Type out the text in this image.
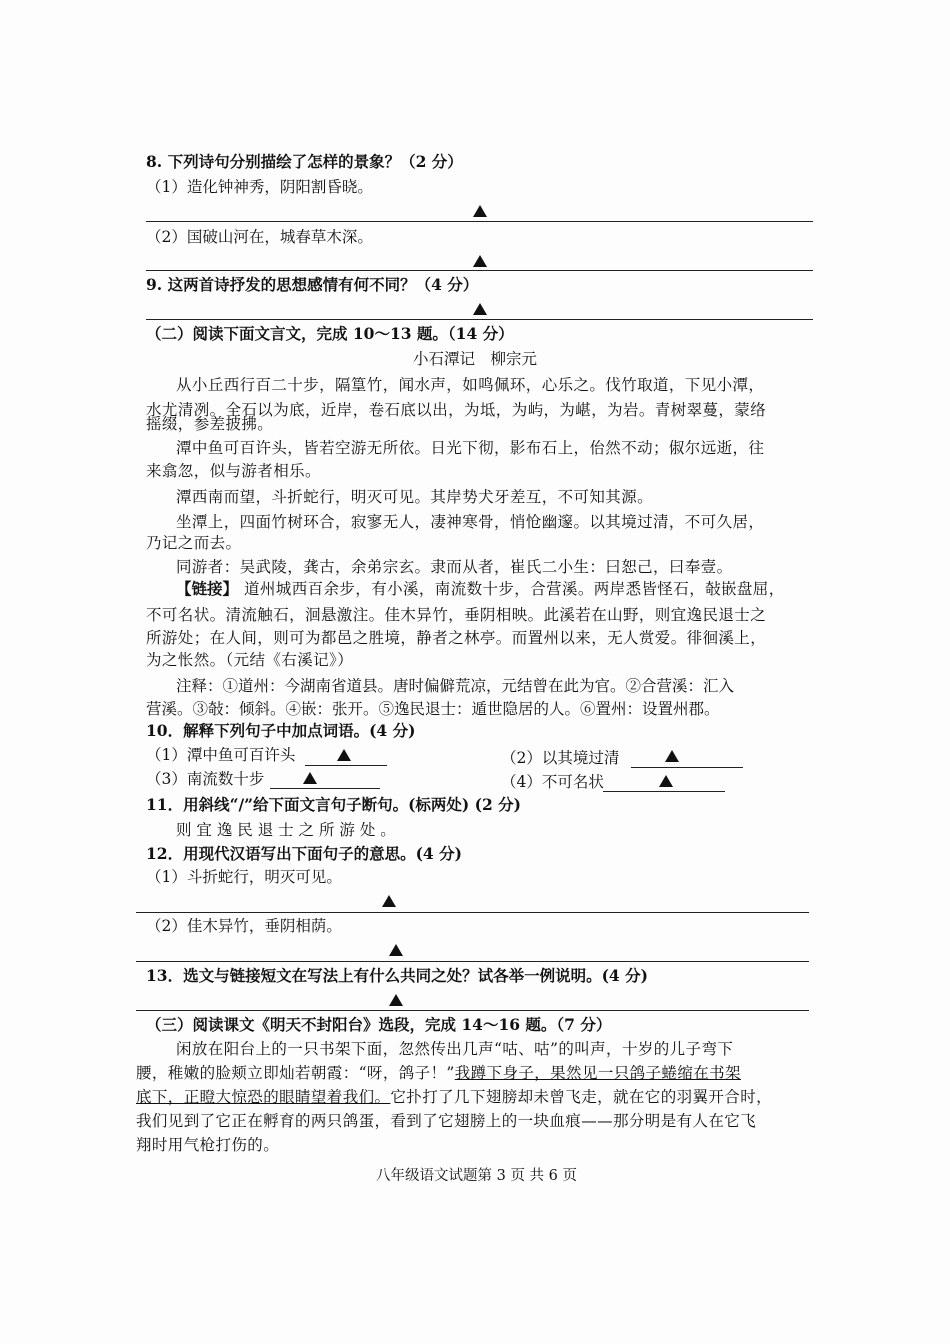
8. 下列诗句分别描绘了怎样的景象？（2 分）
（1）造化钟神秀，阴阳割昏晓。
（2）国破山河在，城春草木深。
9. 这两首诗抒发的思想感情有何不同？（4 分）
（二）阅读下面文言文，完成 10～13 题。（14 分）
小石潭记　柳宗元
从小丘西行百二十步，隔篁竹，闻水声，如鸣佩环，心乐之。伐竹取道，下见小潭，
水尤清冽。全石以为底，近岸，卷石底以出，为坻，为屿，为嵁，为岩。青树翠蔓，蒙络
摇缀，参差披拂。
潭中鱼可百许头，皆若空游无所依。日光下彻，影布石上，佁然不动；俶尔远逝，往
来翕忽，似与游者相乐。
潭西南而望，斗折蛇行，明灭可见。其岸势犬牙差互，不可知其源。
坐潭上，四面竹树环合，寂寥无人，凄神寒骨，悄怆幽邃。以其境过清，不可久居，
乃记之而去。
同游者：吴武陵，龚古，余弟宗玄。隶而从者，崔氏二小生：曰恕己，曰奉壹。
【链接】 道州城西百余步，有小溪，南流数十步，合营溪。两岸悉皆怪石，敧嵌盘屈，
不可名状。清流触石，洄悬激注。佳木异竹，垂阴相映。此溪若在山野，则宜逸民退士之
所游处；在人间，则可为都邑之胜境，静者之林亭。而置州以来，无人赏爱。徘徊溪上，
为之怅然。（元结《右溪记》）
注释：①道州：今湖南省道县。唐时偏僻荒凉，元结曾在此为官。②合营溪：汇入
营溪。③敧：倾斜。④嵌：张开。⑤逸民退士：遁世隐居的人。⑥置州：设置州郡。
10．解释下列句子中加点词语。(4 分)
（1）潭中鱼可百许头	（2）以其境过清
（3）南流数十步	（4）不可名状
11．用斜线“/”给下面文言句子断句。(标两处) (2 分)
则 宜 逸 民 退 士 之 所 游 处 。
12．用现代汉语写出下面句子的意思。(4 分)
（1）斗折蛇行，明灭可见。
（2）佳木异竹，垂阴相荫。
13．选文与链接短文在写法上有什么共同之处？试各举一例说明。(4 分)
（三）阅读课文《明天不封阳台》选段，完成 14～16 题。（7 分）
闲放在阳台上的一只书架下面，忽然传出几声“咕、咕”的叫声，十岁的儿子弯下
腰，稚嫩的脸颊立即灿若朝霞：“呀，鸽子！”我蹲下身子，果然见一只鸽子蜷缩在书架
底下，正瞪大惊恐的眼睛望着我们。它扑打了几下翅膀却未曾飞走，就在它的羽翼开合时，
我们见到了它正在孵育的两只鸽蛋，看到了它翅膀上的一块血痕——那分明是有人在它飞
翔时用气枪打伤的。
八年级语文试题第 3 页 共 6 页
